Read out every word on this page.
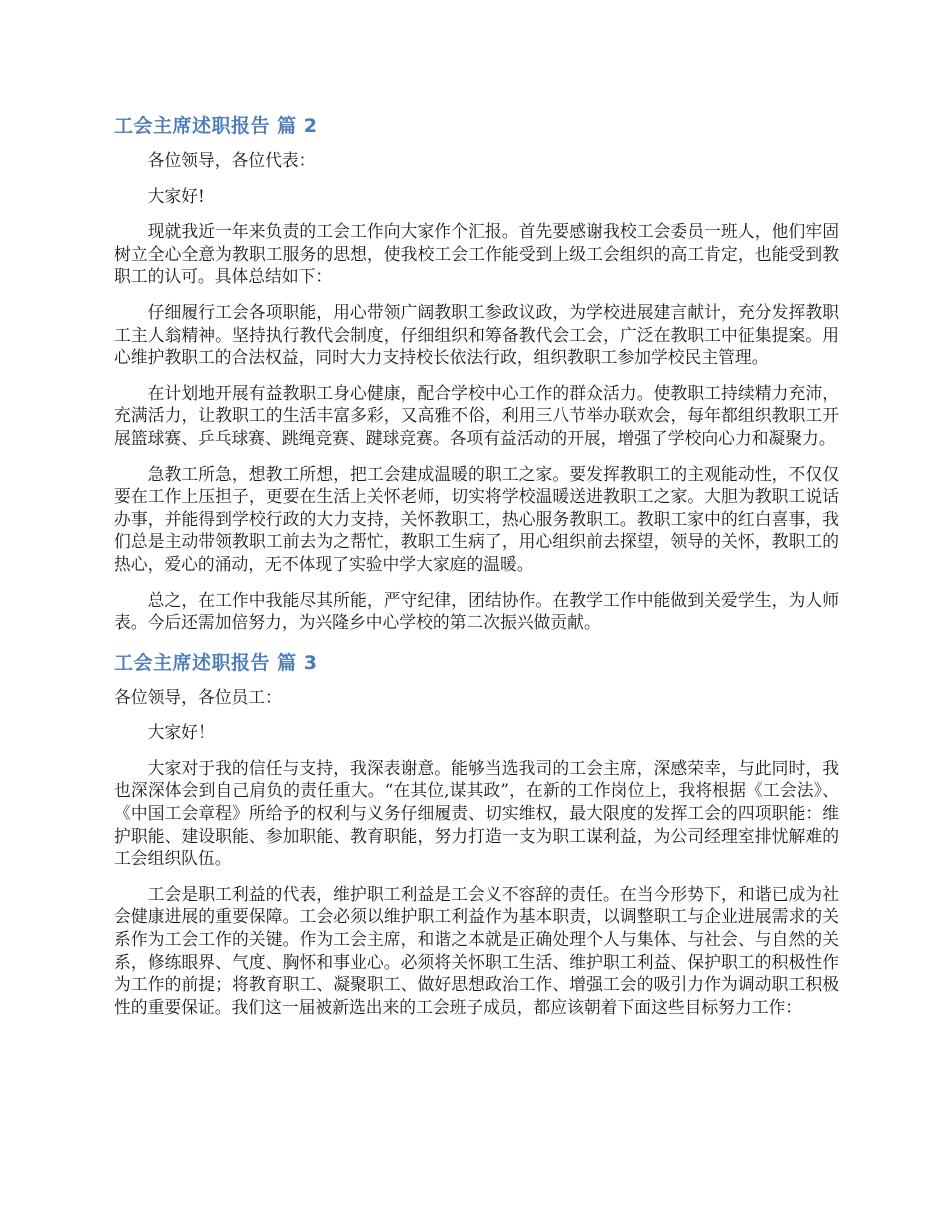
工会主席述职报告 篇 2

各位领导，各位代表：

大家好!

现就我近一年来负责的工会工作向大家作个汇报。首先要感谢我校工会委员一班人，他们牢固树立全心全意为教职工服务的思想，使我校工会工作能受到上级工会组织的高工肯定，也能受到教职工的认可。具体总结如下：

仔细履行工会各项职能，用心带领广阔教职工参政议政，为学校进展建言献计，充分发挥教职工主人翁精神。坚持执行教代会制度，仔细组织和筹备教代会工会，广泛在教职工中征集提案。用心维护教职工的合法权益，同时大力支持校长依法行政，组织教职工参加学校民主管理。

在计划地开展有益教职工身心健康，配合学校中心工作的群众活力。使教职工持续精力充沛，充满活力，让教职工的生活丰富多彩，又高雅不俗，利用三八节举办联欢会，每年都组织教职工开展篮球赛、乒乓球赛、跳绳竞赛、踺球竞赛。各项有益活动的开展，增强了学校向心力和凝聚力。

急教工所急，想教工所想，把工会建成温暖的职工之家。要发挥教职工的主观能动性，不仅仅要在工作上压担子，更要在生活上关怀老师，切实将学校温暖送进教职工之家。大胆为教职工说话办事，并能得到学校行政的大力支持，关怀教职工，热心服务教职工。教职工家中的红白喜事，我们总是主动带领教职工前去为之帮忙，教职工生病了，用心组织前去探望，领导的关怀，教职工的热心，爱心的涌动，无不体现了实验中学大家庭的温暖。

总之，在工作中我能尽其所能，严守纪律，团结协作。在教学工作中能做到关爱学生，为人师表。今后还需加倍努力，为兴隆乡中心学校的第二次振兴做贡献。

工会主席述职报告 篇 3

各位领导，各位员工：

大家好！

大家对于我的信任与支持，我深表谢意。能够当选我司的工会主席，深感荣幸，与此同时，我也深深体会到自己肩负的责任重大。“在其位,谋其政”，在新的工作岗位上，我将根据《工会法》、《中国工会章程》所给予的权利与义务仔细履责、切实维权，最大限度的发挥工会的四项职能：维护职能、建设职能、参加职能、教育职能，努力打造一支为职工谋利益，为公司经理室排忧解难的工会组织队伍。

工会是职工利益的代表，维护职工利益是工会义不容辞的责任。在当今形势下，和谐已成为社会健康进展的重要保障。工会必须以维护职工利益作为基本职责，以调整职工与企业进展需求的关系作为工会工作的关键。作为工会主席，和谐之本就是正确处理个人与集体、与社会、与自然的关系，修练眼界、气度、胸怀和事业心。必须将关怀职工生活、维护职工利益、保护职工的积极性作为工作的前提；将教育职工、凝聚职工、做好思想政治工作、增强工会的吸引力作为调动职工积极性的重要保证。我们这一届被新选出来的工会班子成员，都应该朝着下面这些目标努力工作：
